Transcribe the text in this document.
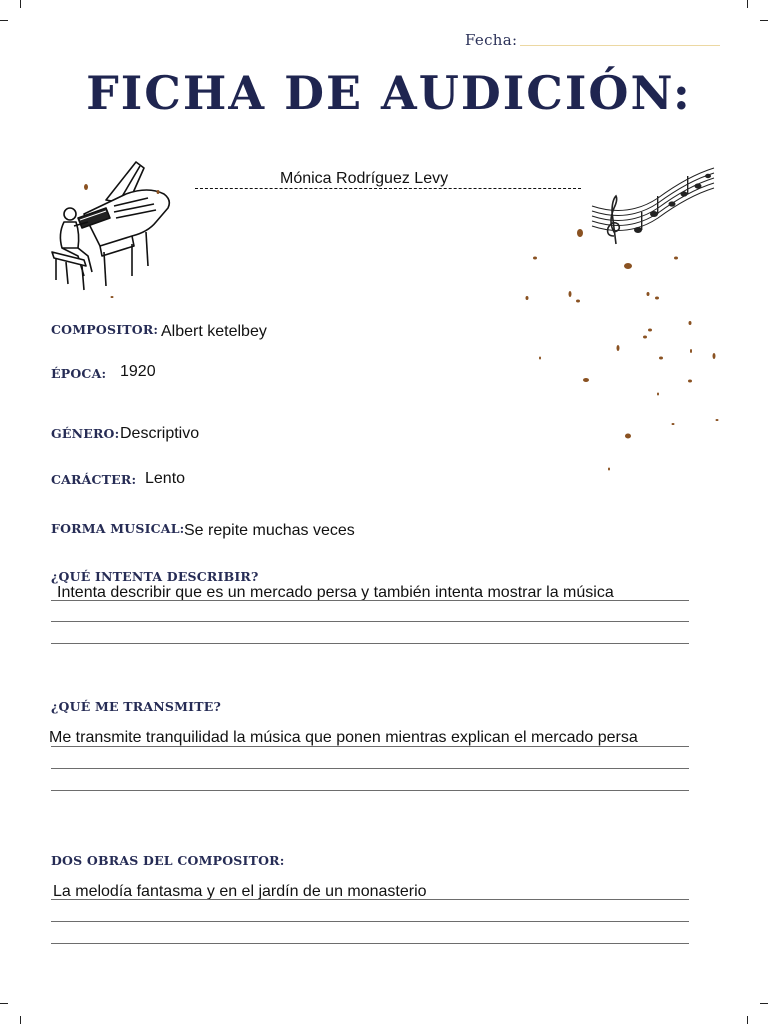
Fecha:
FICHA DE AUDICIÓN:
Mónica Rodríguez Levy
COMPOSITOR: Albert ketelbey
ÉPOCA: 1920
GÉNERO: Descriptivo
CARÁCTER: Lento
FORMA MUSICAL: Se repite muchas veces
¿QUÉ INTENTA DESCRIBIR?
Intenta describir que es un mercado persa y también intenta mostrar la música
¿QUÉ ME TRANSMITE?
Me transmite tranquilidad la música que ponen mientras explican el mercado persa
DOS OBRAS DEL COMPOSITOR:
La melodía fantasma y en el jardín de un monasterio
